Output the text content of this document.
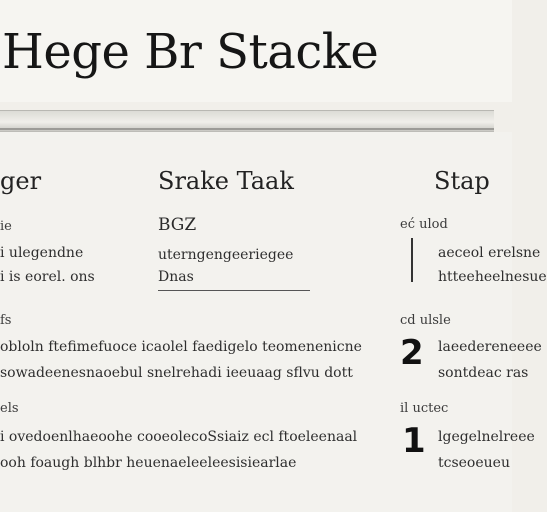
Hegе Br Stacke
ger
ie
i ulegendne
i is eorel. ons
fs
obloln ftefimefuoce icaolel faedigelo teomenenicne
sowadeenesnaoebul snelrehadi ieeuaag sflvu dott
els
i ovedoenlhaeoohe cooeolecoSsiaiz ecl ftoeleenaal
ooh foaugh blhbr heuenaeleeleesisiearlae
Srake Taak
BGZ
uterngengeeriegee
Dnas
Stap
eć ulod
aeceol erelsne
htteeheelnesue
cd ulsle
2 laeedereneeee
sontdeac ras
il uctec
1 lgegelnelreee
tcseoeueu
